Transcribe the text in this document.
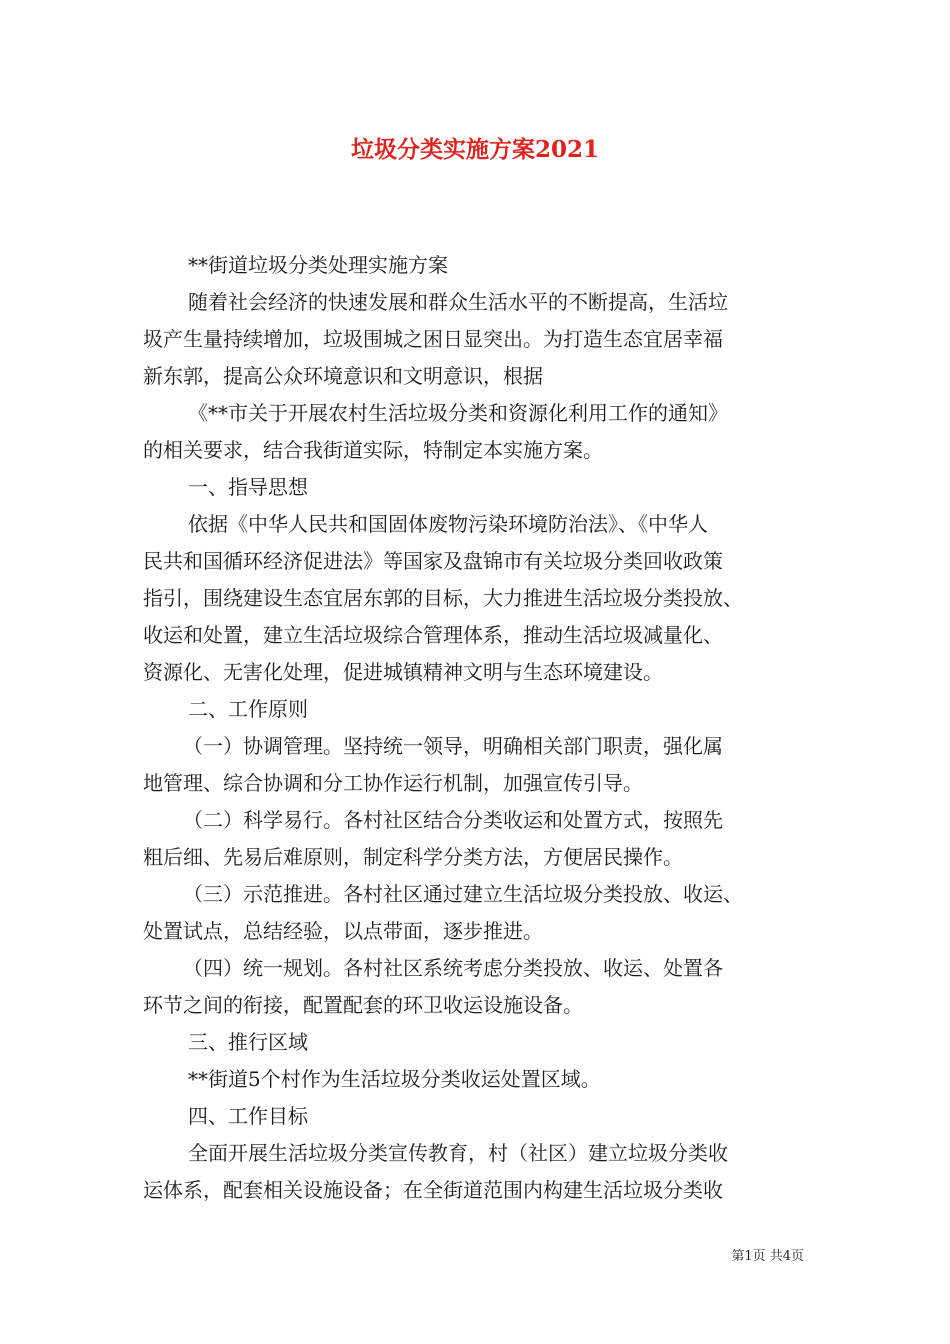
垃圾分类实施方案2021
**街道垃圾分类处理实施方案
随着社会经济的快速发展和群众生活水平的不断提高，生活垃
圾产生量持续增加，垃圾围城之困日显突出。为打造生态宜居幸福
新东郭，提高公众环境意识和文明意识，根据
《**市关于开展农村生活垃圾分类和资源化利用工作的通知》
的相关要求，结合我街道实际，特制定本实施方案。
一、指导思想
依据《中华人民共和国固体废物污染环境防治法》、《中华人
民共和国循环经济促进法》等国家及盘锦市有关垃圾分类回收政策
指引，围绕建设生态宜居东郭的目标，大力推进生活垃圾分类投放、
收运和处置，建立生活垃圾综合管理体系，推动生活垃圾减量化、
资源化、无害化处理，促进城镇精神文明与生态环境建设。
二、工作原则
（一）协调管理。坚持统一领导，明确相关部门职责，强化属
地管理、综合协调和分工协作运行机制，加强宣传引导。
（二）科学易行。各村社区结合分类收运和处置方式，按照先
粗后细、先易后难原则，制定科学分类方法，方便居民操作。
（三）示范推进。各村社区通过建立生活垃圾分类投放、收运、
处置试点，总结经验，以点带面，逐步推进。
（四）统一规划。各村社区系统考虑分类投放、收运、处置各
环节之间的衔接，配置配套的环卫收运设施设备。
三、推行区域
**街道5个村作为生活垃圾分类收运处置区域。
四、工作目标
全面开展生活垃圾分类宣传教育，村（社区）建立垃圾分类收
运体系，配套相关设施设备；在全街道范围内构建生活垃圾分类收
第1页 共4页
